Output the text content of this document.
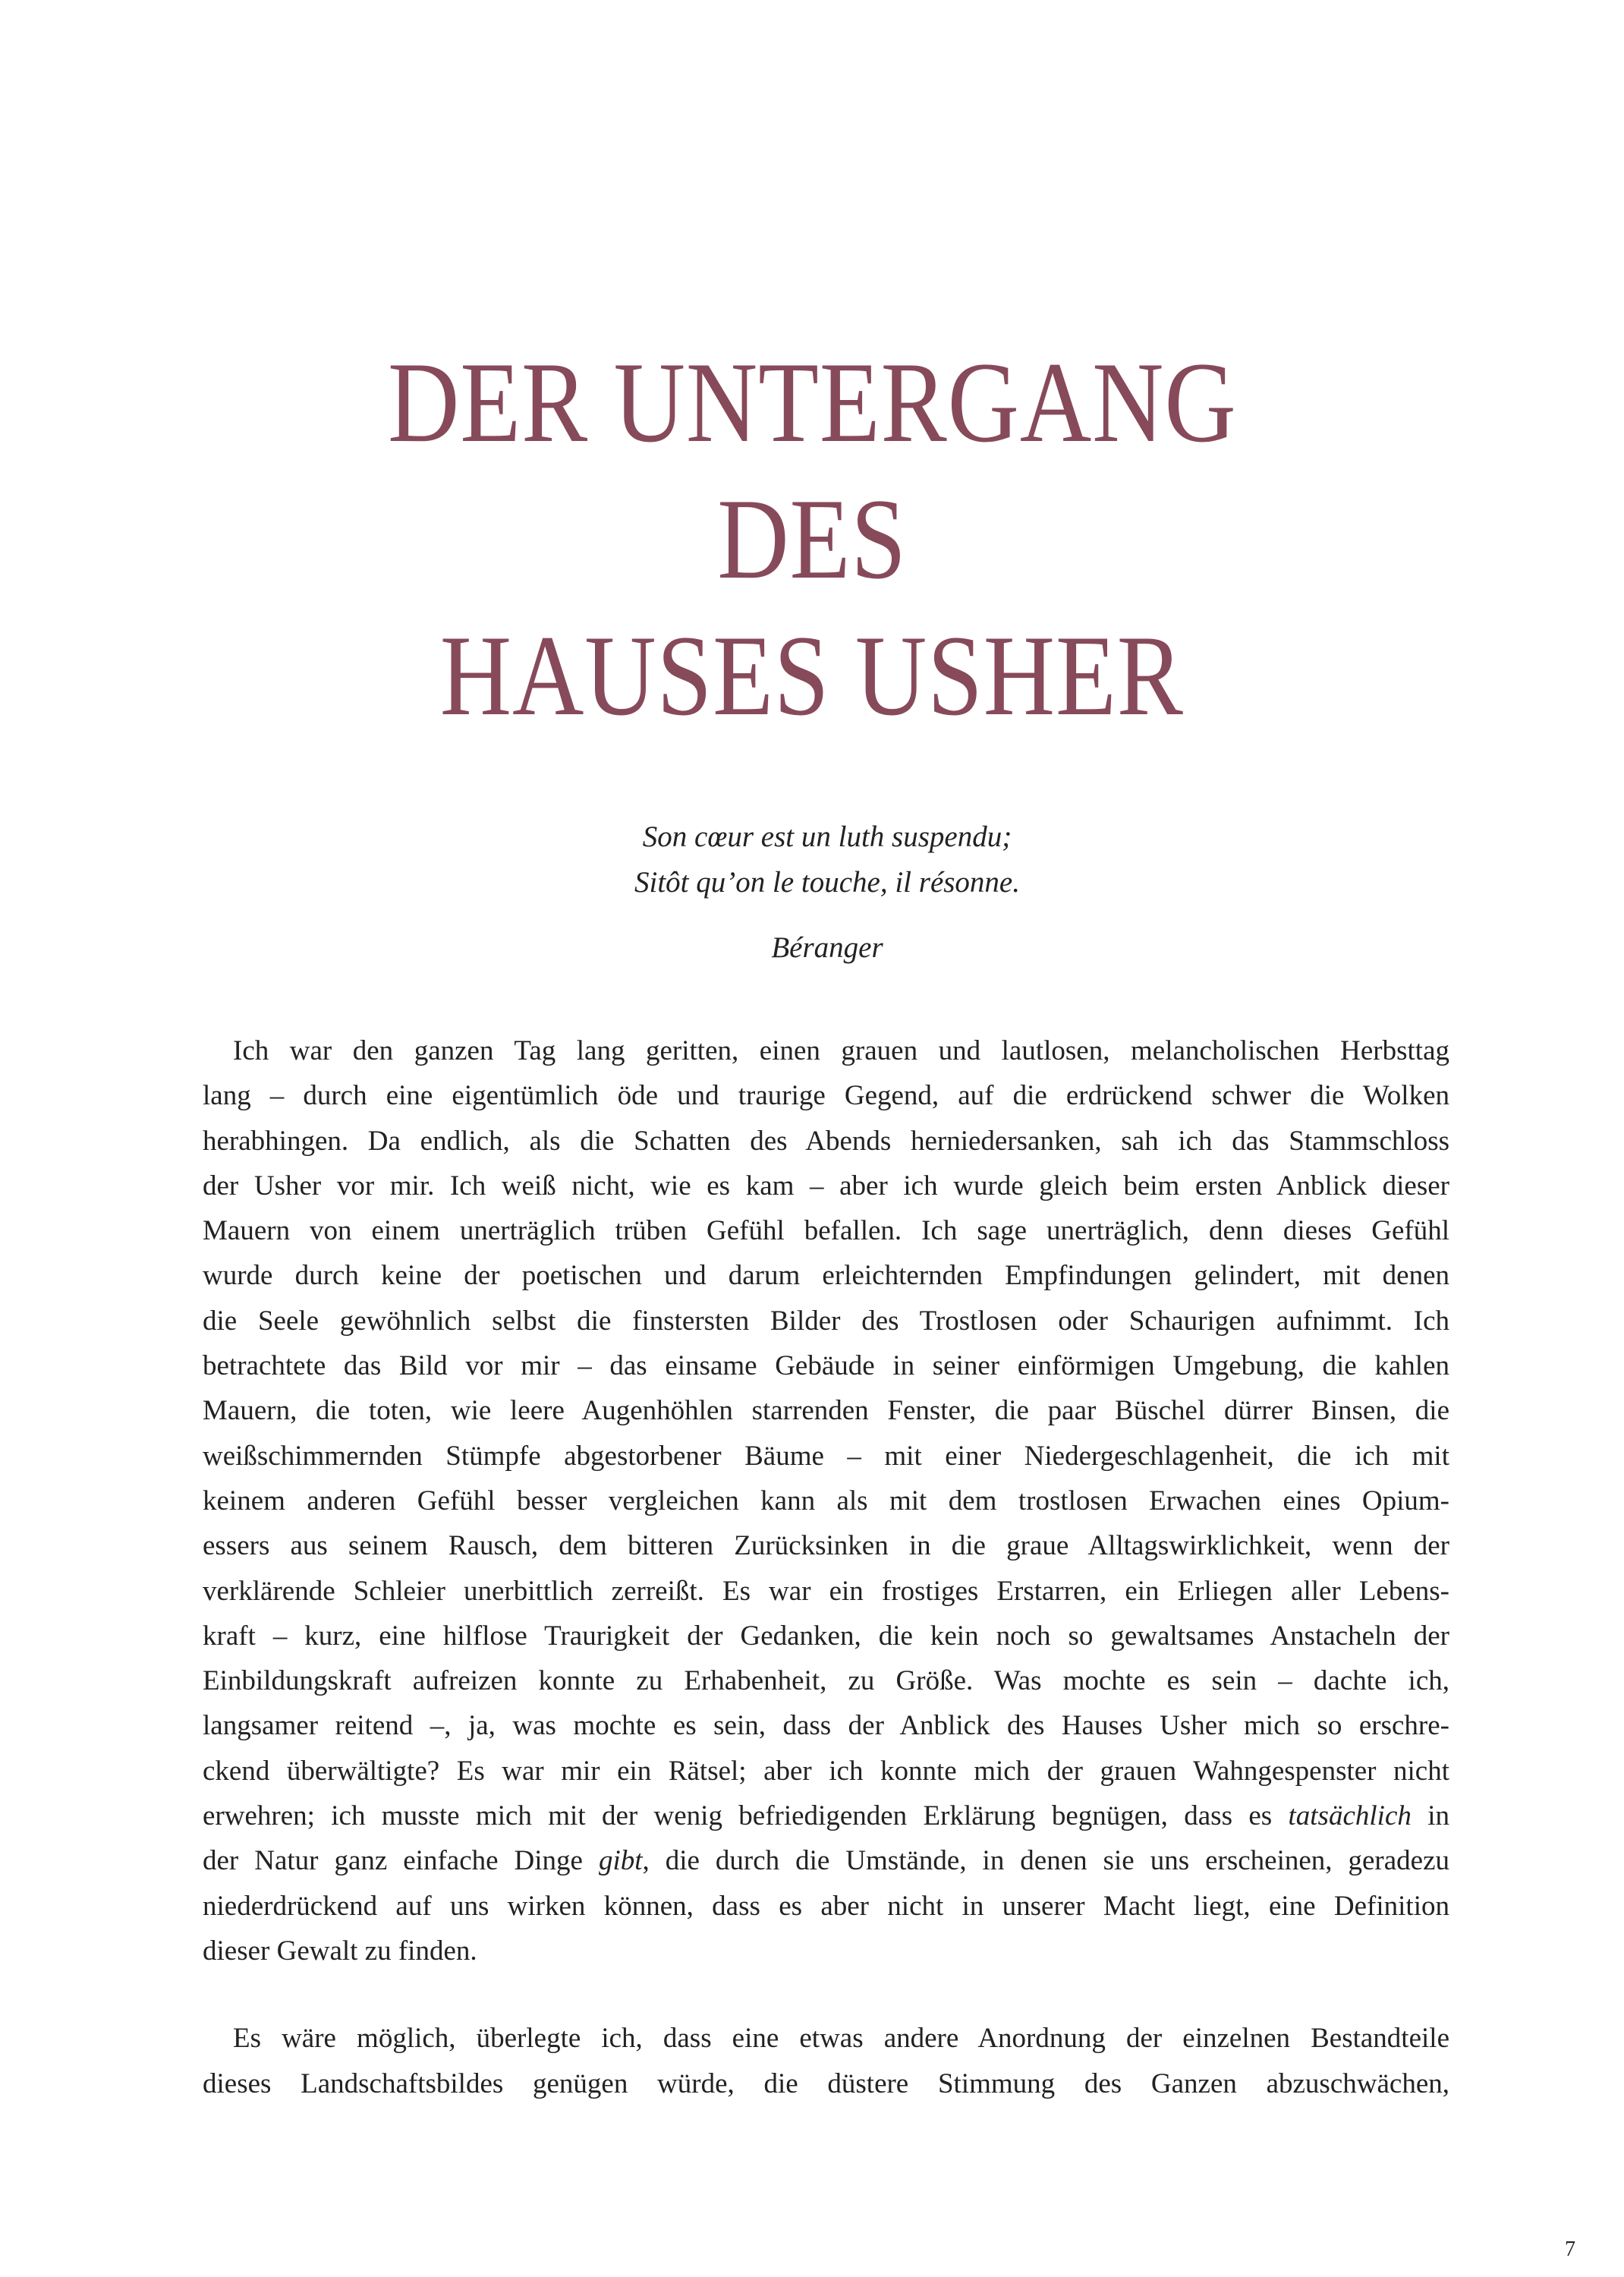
DER UNTERGANG
DES
HAUSES USHER
Son cœur est un luth suspendu;
Sitôt qu’on le touche, il résonne.
Béranger
Ich war den ganzen Tag lang geritten, einen grauen und lautlosen, melancholischen Herbsttag
lang – durch eine eigentümlich öde und traurige Gegend, auf die erdrückend schwer die Wolken
herabhingen. Da endlich, als die Schatten des Abends herniedersanken, sah ich das Stammschloss
der Usher vor mir. Ich weiß nicht, wie es kam – aber ich wurde gleich beim ersten Anblick dieser
Mauern von einem unerträglich trüben Gefühl befallen. Ich sage unerträglich, denn dieses Gefühl
wurde durch keine der poetischen und darum erleichternden Empfindungen gelindert, mit denen
die Seele gewöhnlich selbst die finstersten Bilder des Trostlosen oder Schaurigen aufnimmt. Ich
betrachtete das Bild vor mir – das einsame Gebäude in seiner einförmigen Umgebung, die kahlen
Mauern, die toten, wie leere Augenhöhlen starrenden Fenster, die paar Büschel dürrer Binsen, die
weißschimmernden Stümpfe abgestorbener Bäume – mit einer Niedergeschlagenheit, die ich mit
keinem anderen Gefühl besser vergleichen kann als mit dem trostlosen Erwachen eines Opium-
essers aus seinem Rausch, dem bitteren Zurücksinken in die graue Alltagswirklichkeit, wenn der
verklärende Schleier unerbittlich zerreißt. Es war ein frostiges Erstarren, ein Erliegen aller Lebens-
kraft – kurz, eine hilflose Traurigkeit der Gedanken, die kein noch so gewaltsames Anstacheln der
Einbildungskraft aufreizen konnte zu Erhabenheit, zu Größe. Was mochte es sein – dachte ich,
langsamer reitend –, ja, was mochte es sein, dass der Anblick des Hauses Usher mich so erschre-
ckend überwältigte? Es war mir ein Rätsel; aber ich konnte mich der grauen Wahngespenster nicht
erwehren; ich musste mich mit der wenig befriedigenden Erklärung begnügen, dass es tatsächlich in
der Natur ganz einfache Dinge gibt, die durch die Umstände, in denen sie uns erscheinen, geradezu
niederdrückend auf uns wirken können, dass es aber nicht in unserer Macht liegt, eine Definition
dieser Gewalt zu finden.
Es wäre möglich, überlegte ich, dass eine etwas andere Anordnung der einzelnen Bestandteile
dieses Landschaftsbildes genügen würde, die düstere Stimmung des Ganzen abzuschwächen,
7
